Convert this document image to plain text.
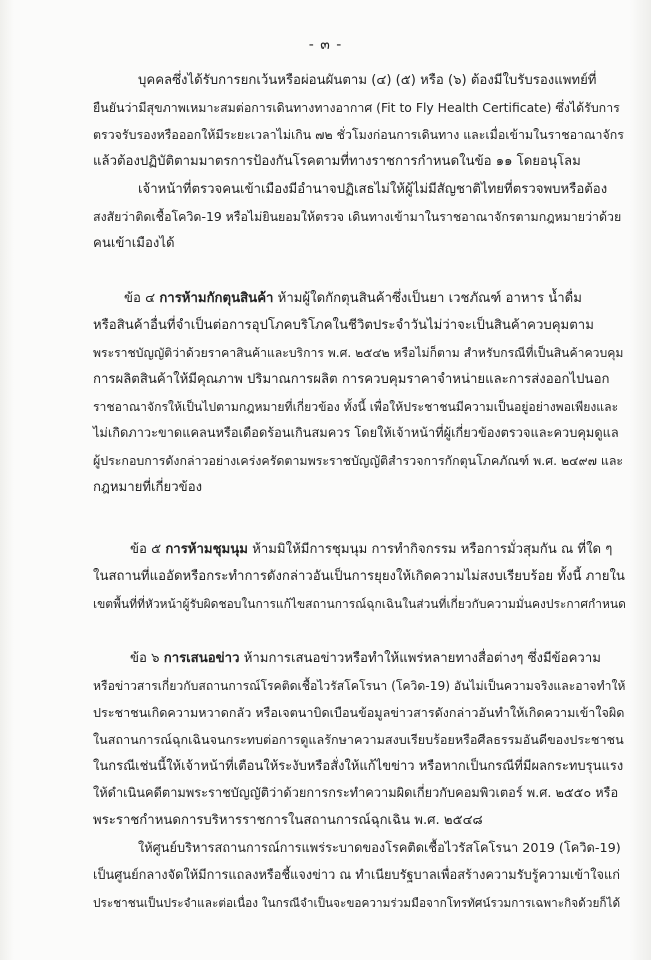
- ๓ -
บุคคลซึ่งได้รับการยกเว้นหรือผ่อนผันตาม (๔) (๕) หรือ (๖) ต้องมีใบรับรองแพทย์ที่
ยืนยันว่ามีสุขภาพเหมาะสมต่อการเดินทางทางอากาศ (Fit to Fly Health Certificate) ซึ่งได้รับการ
ตรวจรับรองหรือออกให้มีระยะเวลาไม่เกิน ๗๒ ชั่วโมงก่อนการเดินทาง และเมื่อเข้ามในราชอาณาจักร
แล้วต้องปฏิบัติตามมาตรการป้องกันโรคตามที่ทางราชการกำหนดในข้อ ๑๑ โดยอนุโลม
เจ้าหน้าที่ตรวจคนเข้าเมืองมีอำนาจปฏิเสธไม่ให้ผู้ไม่มีสัญชาติไทยที่ตรวจพบหรือต้อง
สงสัยว่าติดเชื้อโควิด-19 หรือไม่ยินยอมให้ตรวจ เดินทางเข้ามาในราชอาณาจักรตามกฎหมายว่าด้วย
คนเข้าเมืองได้
ข้อ ๔ การห้ามกักตุนสินค้า ห้ามผู้ใดกักตุนสินค้าซึ่งเป็นยา เวชภัณฑ์ อาหาร น้ำดื่ม
หรือสินค้าอื่นที่จำเป็นต่อการอุปโภคบริโภคในชีวิตประจำวันไม่ว่าจะเป็นสินค้าควบคุมตาม
พระราชบัญญัติว่าด้วยราคาสินค้าและบริการ พ.ศ. ๒๕๔๒ หรือไม่ก็ตาม สำหรับกรณีที่เป็นสินค้าควบคุม
การผลิตสินค้าให้มีคุณภาพ ปริมาณการผลิต การควบคุมราคาจำหน่ายและการส่งออกไปนอก
ราชอาณาจักรให้เป็นไปตามกฎหมายที่เกี่ยวข้อง ทั้งนี้ เพื่อให้ประชาชนมีความเป็นอยู่อย่างพอเพียงและ
ไม่เกิดภาวะขาดแคลนหรือเดือดร้อนเกินสมควร โดยให้เจ้าหน้าที่ผู้เกี่ยวข้องตรวจและควบคุมดูแล
ผู้ประกอบการดังกล่าวอย่างเคร่งครัดตามพระราชบัญญัติสำรวจการกักตุนโภคภัณฑ์ พ.ศ. ๒๔๙๗ และ
กฎหมายที่เกี่ยวข้อง
ข้อ ๕ การห้ามชุมนุม ห้ามมิให้มีการชุมนุม การทำกิจกรรม หรือการมั่วสุมกัน ณ ที่ใด ๆ
ในสถานที่แออัดหรือกระทำการดังกล่าวอันเป็นการยุยงให้เกิดความไม่สงบเรียบร้อย ทั้งนี้ ภายใน
เขตพื้นที่ที่หัวหน้าผู้รับผิดชอบในการแก้ไขสถานการณ์ฉุกเฉินในส่วนที่เกี่ยวกับความมั่นคงประกาศกำหนด
ข้อ ๖ การเสนอข่าว ห้ามการเสนอข่าวหรือทำให้แพร่หลายทางสื่อต่างๆ ซึ่งมีข้อความ
หรือข่าวสารเกี่ยวกับสถานการณ์โรคติดเชื้อไวรัสโคโรนา (โควิด-19) อันไม่เป็นความจริงและอาจทำให้
ประชาชนเกิดความหวาดกลัว หรือเจตนาบิดเบือนข้อมูลข่าวสารดังกล่าวอันทำให้เกิดความเข้าใจผิด
ในสถานการณ์ฉุกเฉินจนกระทบต่อการดูแลรักษาความสงบเรียบร้อยหรือศีลธรรมอันดีของประชาชน
ในกรณีเช่นนี้ให้เจ้าหน้าที่เตือนให้ระงับหรือสั่งให้แก้ไขข่าว หรือหากเป็นกรณีที่มีผลกระทบรุนแรง
ให้ดำเนินคดีตามพระราชบัญญัติว่าด้วยการกระทำความผิดเกี่ยวกับคอมพิวเตอร์ พ.ศ. ๒๕๕๐ หรือ
พระราชกำหนดการบริหารราชการในสถานการณ์ฉุกเฉิน พ.ศ. ๒๕๔๘
ให้ศูนย์บริหารสถานการณ์การแพร่ระบาดของโรคติดเชื้อไวรัสโคโรนา 2019 (โควิด-19)
เป็นศูนย์กลางจัดให้มีการแถลงหรือชี้แจงข่าว ณ ทำเนียบรัฐบาลเพื่อสร้างความรับรู้ความเข้าใจแก่
ประชาชนเป็นประจำและต่อเนื่อง ในกรณีจำเป็นจะขอความร่วมมือจากโทรทัศน์รวมการเฉพาะกิจด้วยก็ได้
